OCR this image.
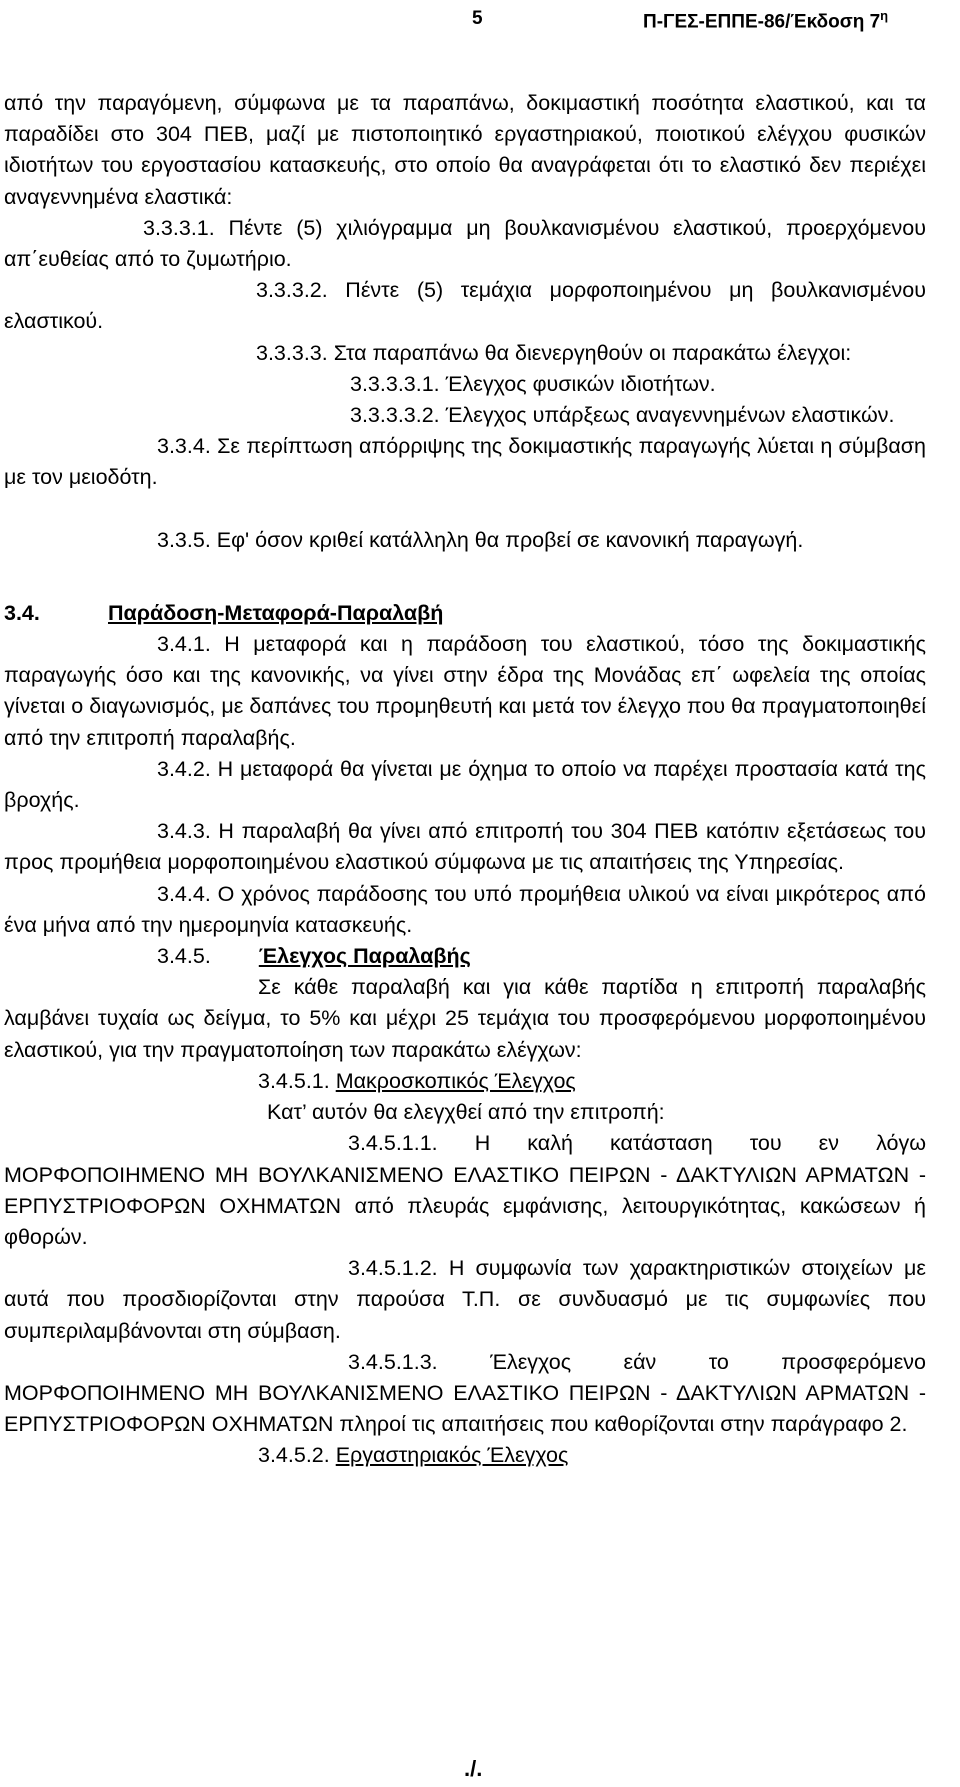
5	Π-ΓΕΣ-ΕΠΠΕ-86/Έκδοση $7^\eta$

από την παραγόμενη, σύμφωνα με τα παραπάνω, δοκιμαστική ποσότητα ελαστικού, και τα παραδίδει στο 304 ΠΕΒ, μαζί με πιστοποιητικό εργαστηριακού, ποιοτικού ελέγχου φυσικών ιδιοτήτων του εργοστασίου κατασκευής, στο οποίο θα αναγράφεται ότι το ελαστικό δεν περιέχει αναγεννημένα ελαστικά:

3.3.3.1. Πέντε (5) χιλιόγραμμα μη βουλκανισμένου ελαστικού, προερχόμενου απ΄ευθείας από το ζυμωτήριο.

3.3.3.2. Πέντε (5) τεμάχια μορφοποιημένου μη βουλκανισμένου ελαστικού.

3.3.3.3. Στα παραπάνω θα διενεργηθούν οι παρακάτω έλεγχοι:

3.3.3.3.1. Έλεγχος φυσικών ιδιοτήτων.

3.3.3.3.2. Έλεγχος υπάρξεως αναγεννημένων ελαστικών.

3.3.4. Σε περίπτωση απόρριψης της δοκιμαστικής παραγωγής λύεται η σύμβαση με τον μειοδότη.

3.3.5. Εφ' όσον κριθεί κατάλληλη θα προβεί σε κανονική παραγωγή.

3.4.	Παράδοση-Μεταφορά-Παραλαβή

3.4.1. Η μεταφορά και η παράδοση του ελαστικού, τόσο της δοκιμαστικής παραγωγής όσο και της κανονικής, να γίνει στην έδρα της Μονάδας επ΄ ωφελεία της οποίας γίνεται ο διαγωνισμός, με δαπάνες του προμηθευτή και μετά τον έλεγχο που θα πραγματοποιηθεί από την επιτροπή παραλαβής.

3.4.2. Η μεταφορά θα γίνεται με όχημα το οποίο να παρέχει προστασία κατά της βροχής.

3.4.3. Η παραλαβή θα γίνει από επιτροπή του 304 ΠΕΒ κατόπιν εξετάσεως του προς προμήθεια μορφοποιημένου ελαστικού σύμφωνα με τις απαιτήσεις της Υπηρεσίας.

3.4.4. Ο χρόνος παράδοσης του υπό προμήθεια υλικού να είναι μικρότερος από ένα μήνα από την ημερομηνία κατασκευής.

3.4.5. Έλεγχος Παραλαβής

Σε κάθε παραλαβή και για κάθε παρτίδα η επιτροπή παραλαβής λαμβάνει τυχαία ως δείγμα, το 5% και μέχρι 25 τεμάχια του προσφερόμενου μορφοποιημένου ελαστικού, για την πραγματοποίηση των παρακάτω ελέγχων:

3.4.5.1. Μακροσκοπικός Έλεγχος

Κατ’ αυτόν θα ελεγχθεί από την επιτροπή:

3.4.5.1.1. Η καλή κατάσταση του εν λόγω ΜΟΡΦΟΠΟΙΗΜΕΝΟ ΜΗ ΒΟΥΛΚΑΝΙΣΜΕΝΟ ΕΛΑΣΤΙΚΟ ΠΕΙΡΩΝ - ΔΑΚΤΥΛΙΩΝ ΑΡΜΑΤΩΝ - ΕΡΠΥΣΤΡΙΟΦΟΡΩΝ ΟΧΗΜΑΤΩΝ από πλευράς εμφάνισης, λειτουργικότητας, κακώσεων ή φθορών.

3.4.5.1.2. Η συμφωνία των χαρακτηριστικών στοιχείων με αυτά που προσδιορίζονται στην παρούσα Τ.Π. σε συνδυασμό με τις συμφωνίες που συμπεριλαμβάνονται στη σύμβαση.

3.4.5.1.3. Έλεγχος εάν το προσφερόμενο ΜΟΡΦΟΠΟΙΗΜΕΝΟ ΜΗ ΒΟΥΛΚΑΝΙΣΜΕΝΟ ΕΛΑΣΤΙΚΟ ΠΕΙΡΩΝ - ΔΑΚΤΥΛΙΩΝ ΑΡΜΑΤΩΝ - ΕΡΠΥΣΤΡΙΟΦΟΡΩΝ ΟΧΗΜΑΤΩΝ πληροί τις απαιτήσεις που καθορίζονται στην παράγραφο 2.

3.4.5.2. Εργαστηριακός Έλεγχος

./.
